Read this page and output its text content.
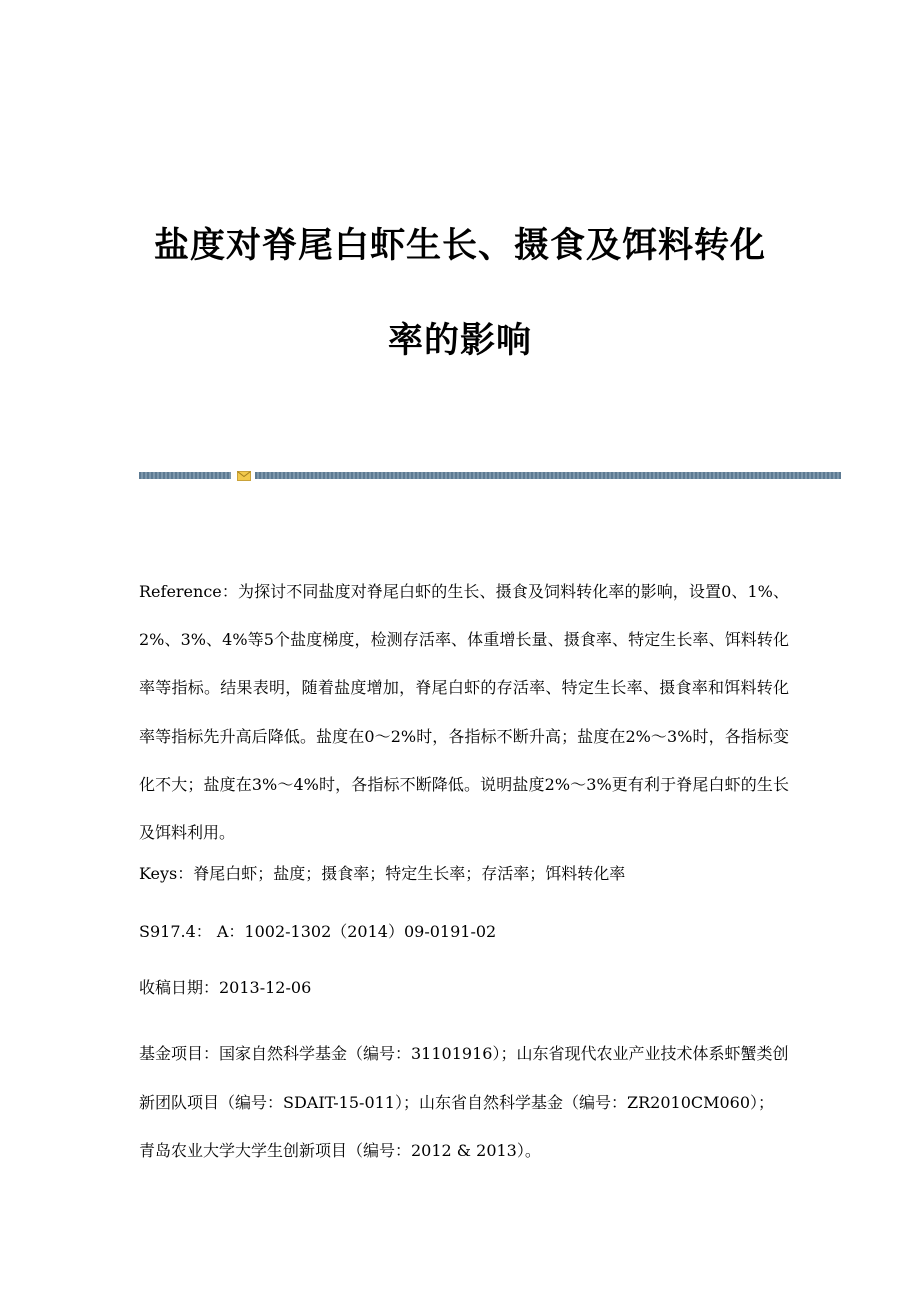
盐度对脊尾白虾生长、摄食及饵料转化
率的影响

Reference：为探讨不同盐度对脊尾白虾的生长、摄食及饲料转化率的影响，设置0、1%、2%、3%、4%等5个盐度梯度，检测存活率、体重增长量、摄食率、特定生长率、饵料转化率等指标。结果表明，随着盐度增加，脊尾白虾的存活率、特定生长率、摄食率和饵料转化率等指标先升高后降低。盐度在0～2%时，各指标不断升高；盐度在2%～3%时，各指标变化不大；盐度在3%～4%时，各指标不断降低。说明盐度2%～3%更有利于脊尾白虾的生长及饵料利用。

Keys：脊尾白虾；盐度；摄食率；特定生长率；存活率；饵料转化率

S917.4： A：1002-1302（2014）09-0191-02

收稿日期：2013-12-06

基金项目：国家自然科学基金（编号：31101916）；山东省现代农业产业技术体系虾蟹类创新团队项目（编号：SDAIT-15-011）；山东省自然科学基金（编号：ZR2010CM060）；青岛农业大学大学生创新项目（编号：2012 & 2013）。
